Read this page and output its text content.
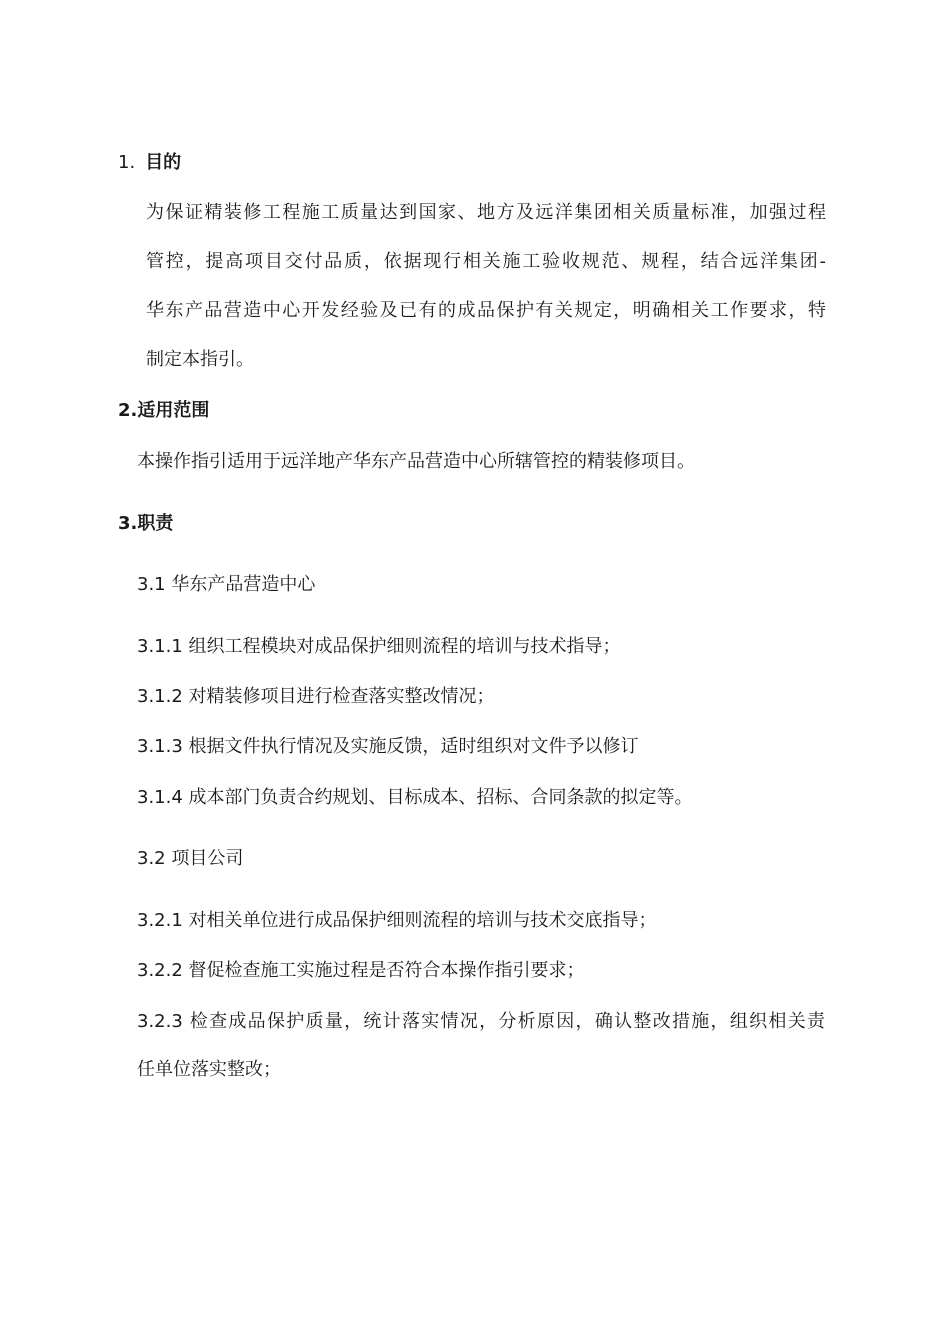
1. 目的
为保证精装修工程施工质量达到国家、地方及远洋集团相关质量标准，加强过程
管控，提高项目交付品质，依据现行相关施工验收规范、规程，结合远洋集团-
华东产品营造中心开发经验及已有的成品保护有关规定，明确相关工作要求，特
制定本指引。
2.适用范围
本操作指引适用于远洋地产华东产品营造中心所辖管控的精装修项目。
3.职责
3.1 华东产品营造中心
3.1.1 组织工程模块对成品保护细则流程的培训与技术指导；
3.1.2 对精装修项目进行检查落实整改情况；
3.1.3 根据文件执行情况及实施反馈，适时组织对文件予以修订
3.1.4 成本部门负责合约规划、目标成本、招标、合同条款的拟定等。
3.2 项目公司
3.2.1 对相关单位进行成品保护细则流程的培训与技术交底指导；
3.2.2 督促检查施工实施过程是否符合本操作指引要求；
3.2.3 检查成品保护质量，统计落实情况，分析原因，确认整改措施，组织相关责
任单位落实整改；
